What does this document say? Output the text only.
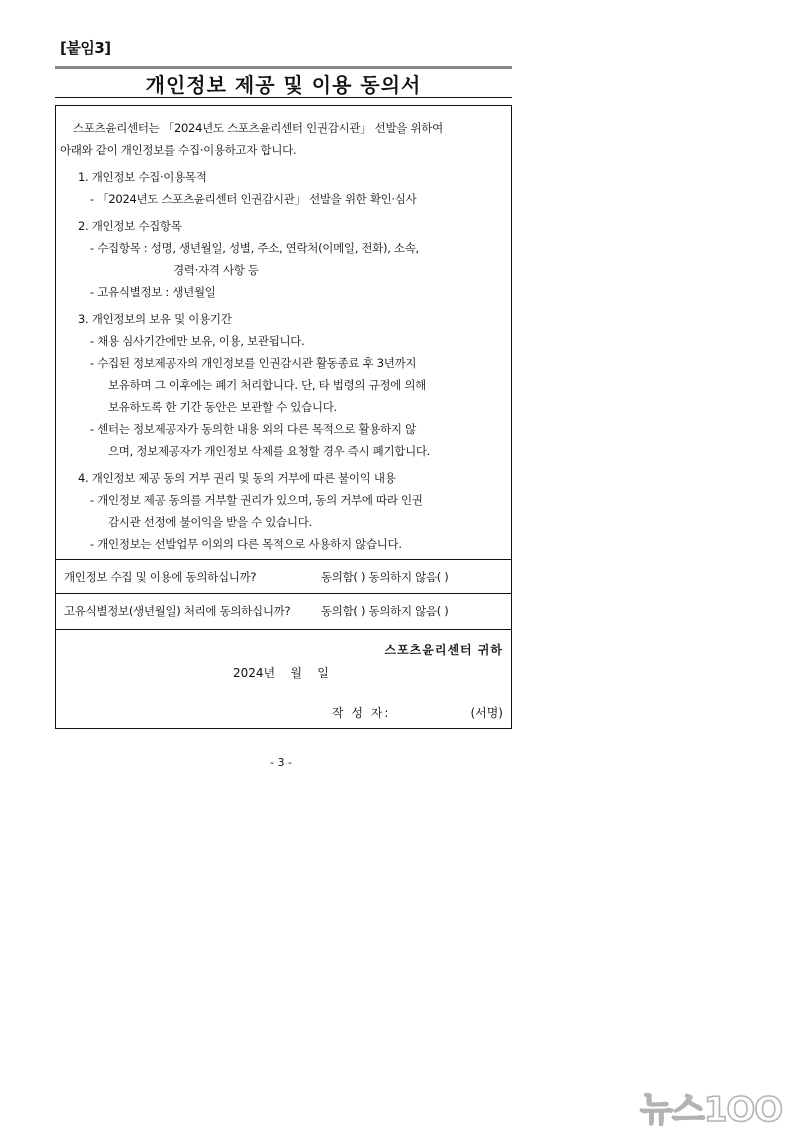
[붙임3]
개인정보 제공 및 이용 동의서
스포츠윤리센터는 「2024년도 스포츠윤리센터 인권감시관」 선발을 위하여
아래와 같이 개인정보를 수집·이용하고자 합니다.
1. 개인정보 수집·이용목적
- 「2024년도 스포츠윤리센터 인권감시관」 선발을 위한 확인·심사
2. 개인정보 수집항목
- 수집항목 : 성명, 생년월일, 성별, 주소, 연락처(이메일, 전화), 소속,
경력·자격 사항 등
- 고유식별정보 : 생년월일
3. 개인정보의 보유 및 이용기간
- 채용 심사기간에만 보유, 이용, 보관됩니다.
- 수집된 정보제공자의 개인정보를 인권감시관 활동종료 후 3년까지
보유하며 그 이후에는 폐기 처리합니다. 단, 타 법령의 규정에 의해
보유하도록 한 기간 동안은 보관할 수 있습니다.
- 센터는 정보제공자가 동의한 내용 외의 다른 목적으로 활용하지 않
으며, 정보제공자가 개인정보 삭제를 요청할 경우 즉시 폐기합니다.
4. 개인정보 제공 동의 거부 권리 및 동의 거부에 따른 불이익 내용
- 개인정보 제공 동의를 거부할 권리가 있으며, 동의 거부에 따라 인권
감시관 선정에 불이익을 받을 수 있습니다.
- 개인정보는 선발업무 이외의 다른 목적으로 사용하지 않습니다.
개인정보 수집 및 이용에 동의하십니까?	동의함( ) 동의하지 않음( )
고유식별정보(생년월일) 처리에 동의하십니까?	동의함( ) 동의하지 않음( )
스포츠윤리센터 귀하
2024년    월    일
작 성 자:	(서명)
- 3 -
뉴스1OO
